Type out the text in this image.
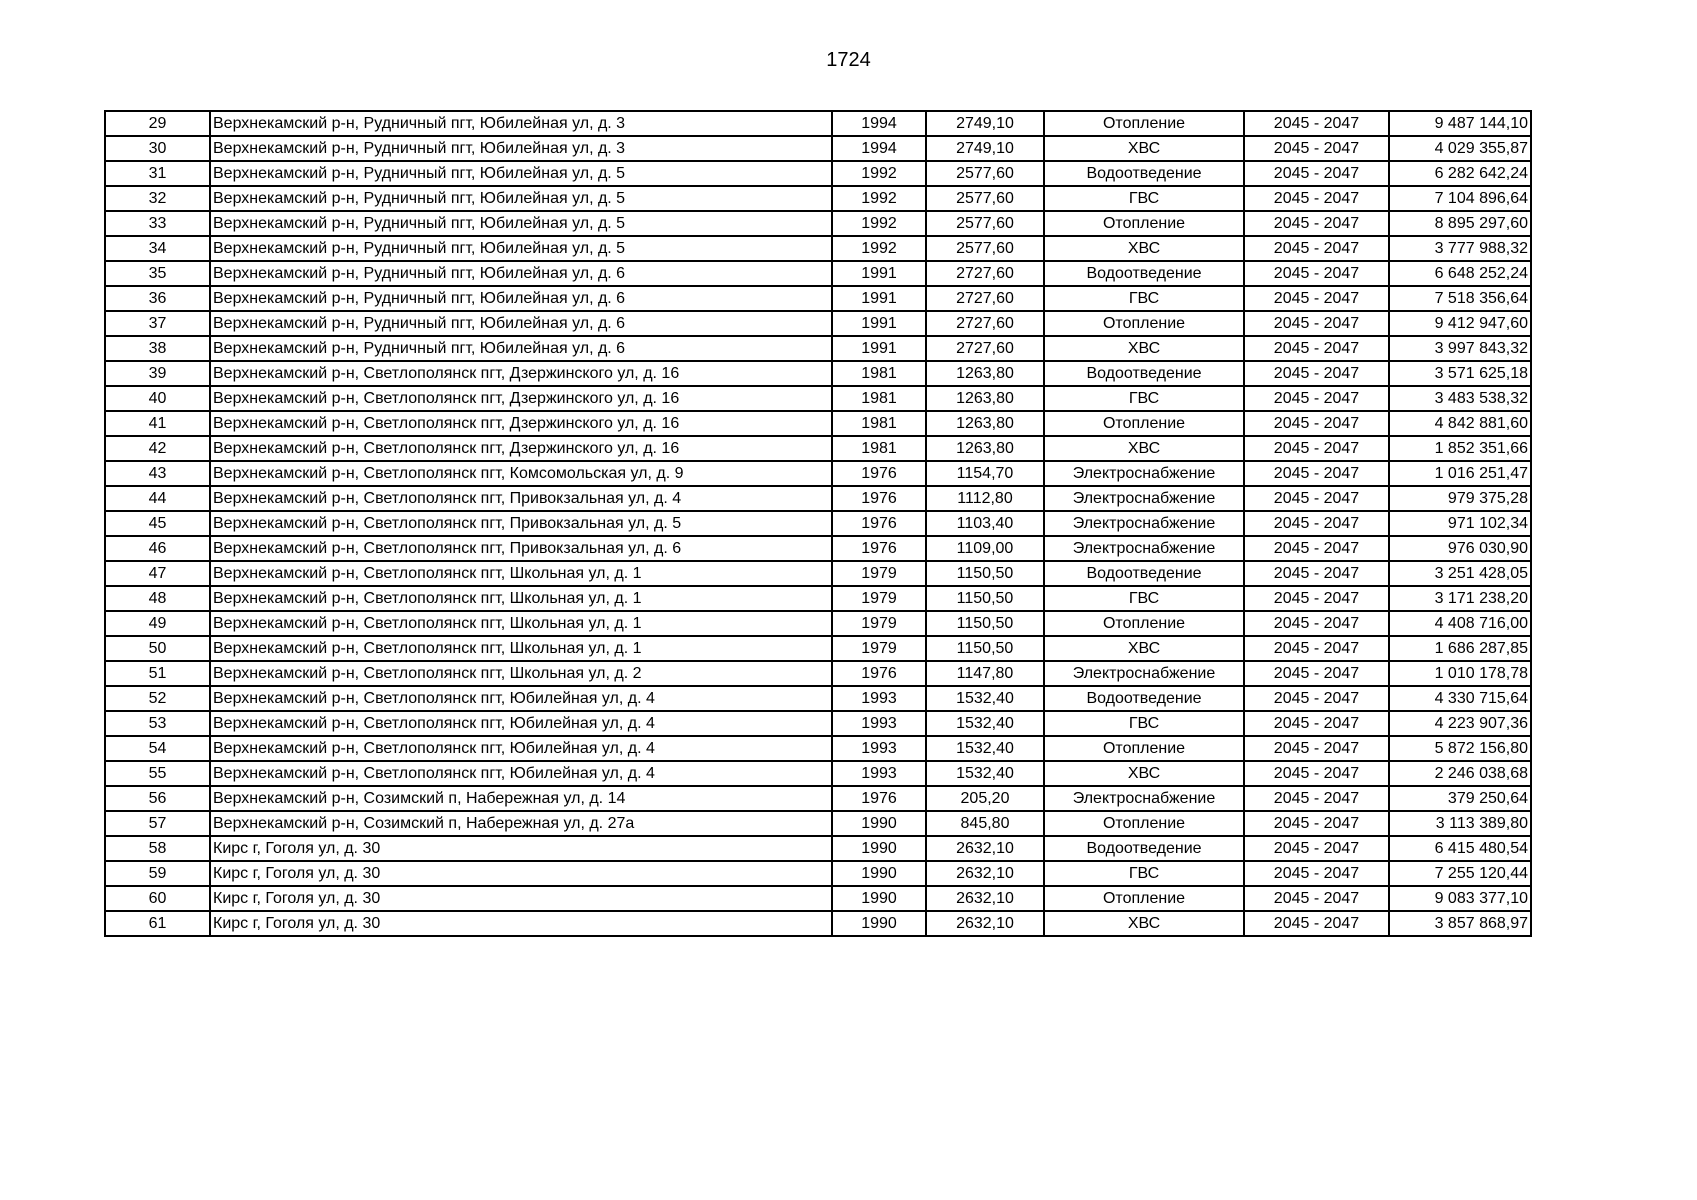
1724
29	Верхнекамский р-н, Рудничный пгт, Юбилейная ул, д. 3	1994	2749,10	Отопление	2045 - 2047	9 487 144,10
30	Верхнекамский р-н, Рудничный пгт, Юбилейная ул, д. 3	1994	2749,10	ХВС	2045 - 2047	4 029 355,87
31	Верхнекамский р-н, Рудничный пгт, Юбилейная ул, д. 5	1992	2577,60	Водоотведение	2045 - 2047	6 282 642,24
32	Верхнекамский р-н, Рудничный пгт, Юбилейная ул, д. 5	1992	2577,60	ГВС	2045 - 2047	7 104 896,64
33	Верхнекамский р-н, Рудничный пгт, Юбилейная ул, д. 5	1992	2577,60	Отопление	2045 - 2047	8 895 297,60
34	Верхнекамский р-н, Рудничный пгт, Юбилейная ул, д. 5	1992	2577,60	ХВС	2045 - 2047	3 777 988,32
35	Верхнекамский р-н, Рудничный пгт, Юбилейная ул, д. 6	1991	2727,60	Водоотведение	2045 - 2047	6 648 252,24
36	Верхнекамский р-н, Рудничный пгт, Юбилейная ул, д. 6	1991	2727,60	ГВС	2045 - 2047	7 518 356,64
37	Верхнекамский р-н, Рудничный пгт, Юбилейная ул, д. 6	1991	2727,60	Отопление	2045 - 2047	9 412 947,60
38	Верхнекамский р-н, Рудничный пгт, Юбилейная ул, д. 6	1991	2727,60	ХВС	2045 - 2047	3 997 843,32
39	Верхнекамский р-н, Светлополянск пгт, Дзержинского ул, д. 16	1981	1263,80	Водоотведение	2045 - 2047	3 571 625,18
40	Верхнекамский р-н, Светлополянск пгт, Дзержинского ул, д. 16	1981	1263,80	ГВС	2045 - 2047	3 483 538,32
41	Верхнекамский р-н, Светлополянск пгт, Дзержинского ул, д. 16	1981	1263,80	Отопление	2045 - 2047	4 842 881,60
42	Верхнекамский р-н, Светлополянск пгт, Дзержинского ул, д. 16	1981	1263,80	ХВС	2045 - 2047	1 852 351,66
43	Верхнекамский р-н, Светлополянск пгт, Комсомольская ул, д. 9	1976	1154,70	Электроснабжение	2045 - 2047	1 016 251,47
44	Верхнекамский р-н, Светлополянск пгт, Привокзальная ул, д. 4	1976	1112,80	Электроснабжение	2045 - 2047	979 375,28
45	Верхнекамский р-н, Светлополянск пгт, Привокзальная ул, д. 5	1976	1103,40	Электроснабжение	2045 - 2047	971 102,34
46	Верхнекамский р-н, Светлополянск пгт, Привокзальная ул, д. 6	1976	1109,00	Электроснабжение	2045 - 2047	976 030,90
47	Верхнекамский р-н, Светлополянск пгт, Школьная ул, д. 1	1979	1150,50	Водоотведение	2045 - 2047	3 251 428,05
48	Верхнекамский р-н, Светлополянск пгт, Школьная ул, д. 1	1979	1150,50	ГВС	2045 - 2047	3 171 238,20
49	Верхнекамский р-н, Светлополянск пгт, Школьная ул, д. 1	1979	1150,50	Отопление	2045 - 2047	4 408 716,00
50	Верхнекамский р-н, Светлополянск пгт, Школьная ул, д. 1	1979	1150,50	ХВС	2045 - 2047	1 686 287,85
51	Верхнекамский р-н, Светлополянск пгт, Школьная ул, д. 2	1976	1147,80	Электроснабжение	2045 - 2047	1 010 178,78
52	Верхнекамский р-н, Светлополянск пгт, Юбилейная ул, д. 4	1993	1532,40	Водоотведение	2045 - 2047	4 330 715,64
53	Верхнекамский р-н, Светлополянск пгт, Юбилейная ул, д. 4	1993	1532,40	ГВС	2045 - 2047	4 223 907,36
54	Верхнекамский р-н, Светлополянск пгт, Юбилейная ул, д. 4	1993	1532,40	Отопление	2045 - 2047	5 872 156,80
55	Верхнекамский р-н, Светлополянск пгт, Юбилейная ул, д. 4	1993	1532,40	ХВС	2045 - 2047	2 246 038,68
56	Верхнекамский р-н, Созимский п, Набережная ул, д. 14	1976	205,20	Электроснабжение	2045 - 2047	379 250,64
57	Верхнекамский р-н, Созимский п, Набережная ул, д. 27а	1990	845,80	Отопление	2045 - 2047	3 113 389,80
58	Кирс г, Гоголя ул, д. 30	1990	2632,10	Водоотведение	2045 - 2047	6 415 480,54
59	Кирс г, Гоголя ул, д. 30	1990	2632,10	ГВС	2045 - 2047	7 255 120,44
60	Кирс г, Гоголя ул, д. 30	1990	2632,10	Отопление	2045 - 2047	9 083 377,10
61	Кирс г, Гоголя ул, д. 30	1990	2632,10	ХВС	2045 - 2047	3 857 868,97
